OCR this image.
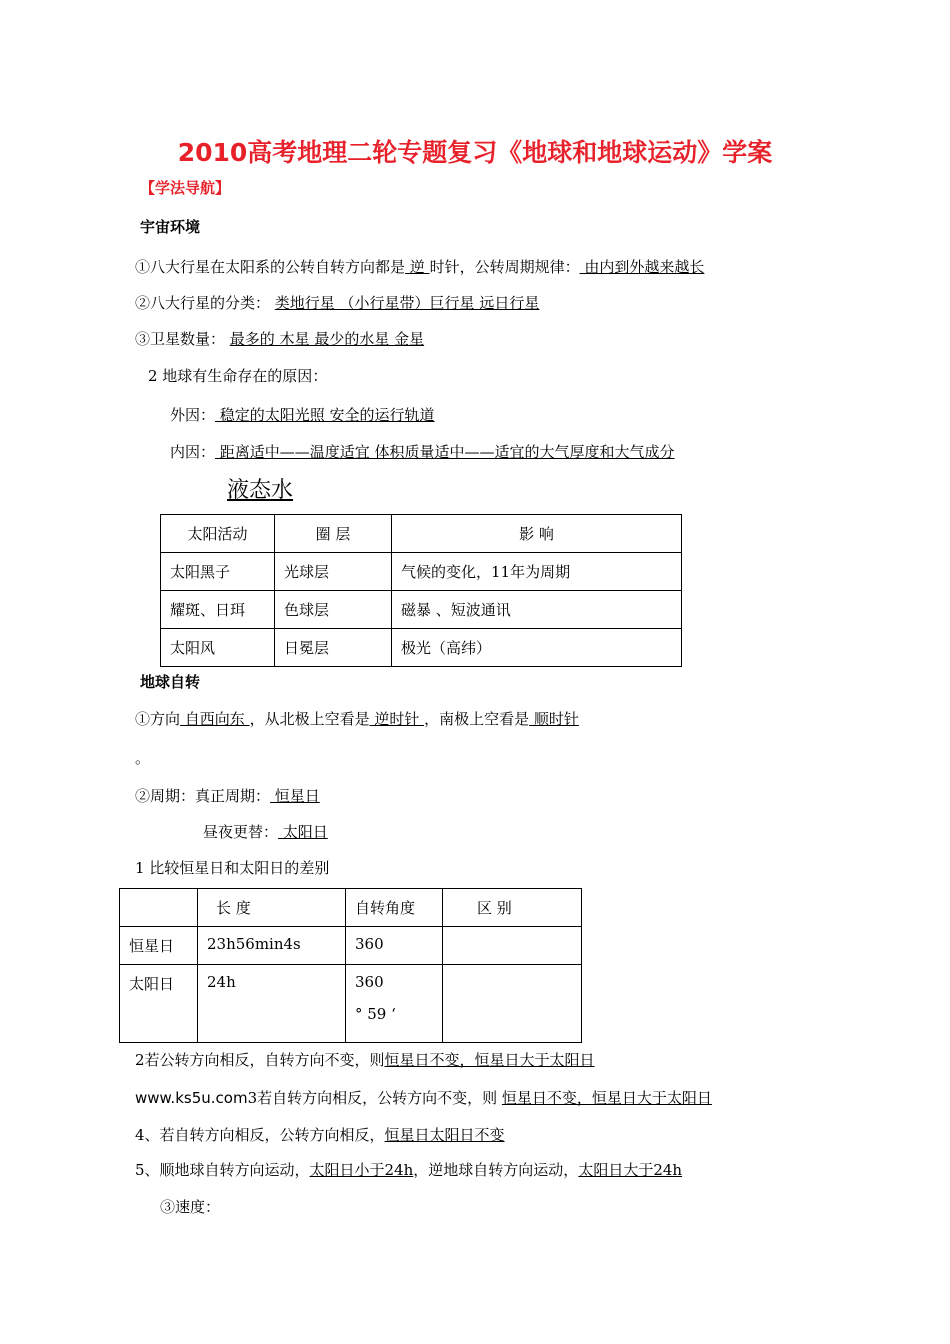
2010高考地理二轮专题复习《地球和地球运动》学案
【学法导航】
宇宙环境
①八大行星在太阳系的公转自转方向都是 逆 时针，公转周期规律： 由内到外越来越长
②八大行星的分类： 类地行星 （小行星带）巨行星 远日行星
③卫星数量： 最多的 木星 最少的水星 金星
2 地球有生命存在的原因：
外因： 稳定的太阳光照 安全的运行轨道
内因： 距离适中——温度适宜 体积质量适中——适宜的大气厚度和大气成分
液态水
太阳活动	圈 层	影 响
太阳黑子	光球层	气候的变化，11年为周期
耀斑、日珥	色球层	磁暴 、短波通讯
太阳风	日冕层	极光（高纬）
地球自转
①方向 自西向东 ，从北极上空看是 逆时针 ，南极上空看是 顺时针
。
②周期：真正周期： 恒星日
昼夜更替： 太阳日
1 比较恒星日和太阳日的差别
	长 度	自转角度	区 别
恒星日	23h56min4s	360	
太阳日	24h	360
° 59 ‘	

2若公转方向相反，自转方向不变，则恒星日不变，恒星日大于太阳日
www.ks5u.com3若自转方向相反，公转方向不变，则 恒星日不变，恒星日大于太阳日
4、若自转方向相反，公转方向相反，恒星日太阳日不变
5、顺地球自转方向运动，太阳日小于24h，逆地球自转方向运动，太阳日大于24h
③速度：
